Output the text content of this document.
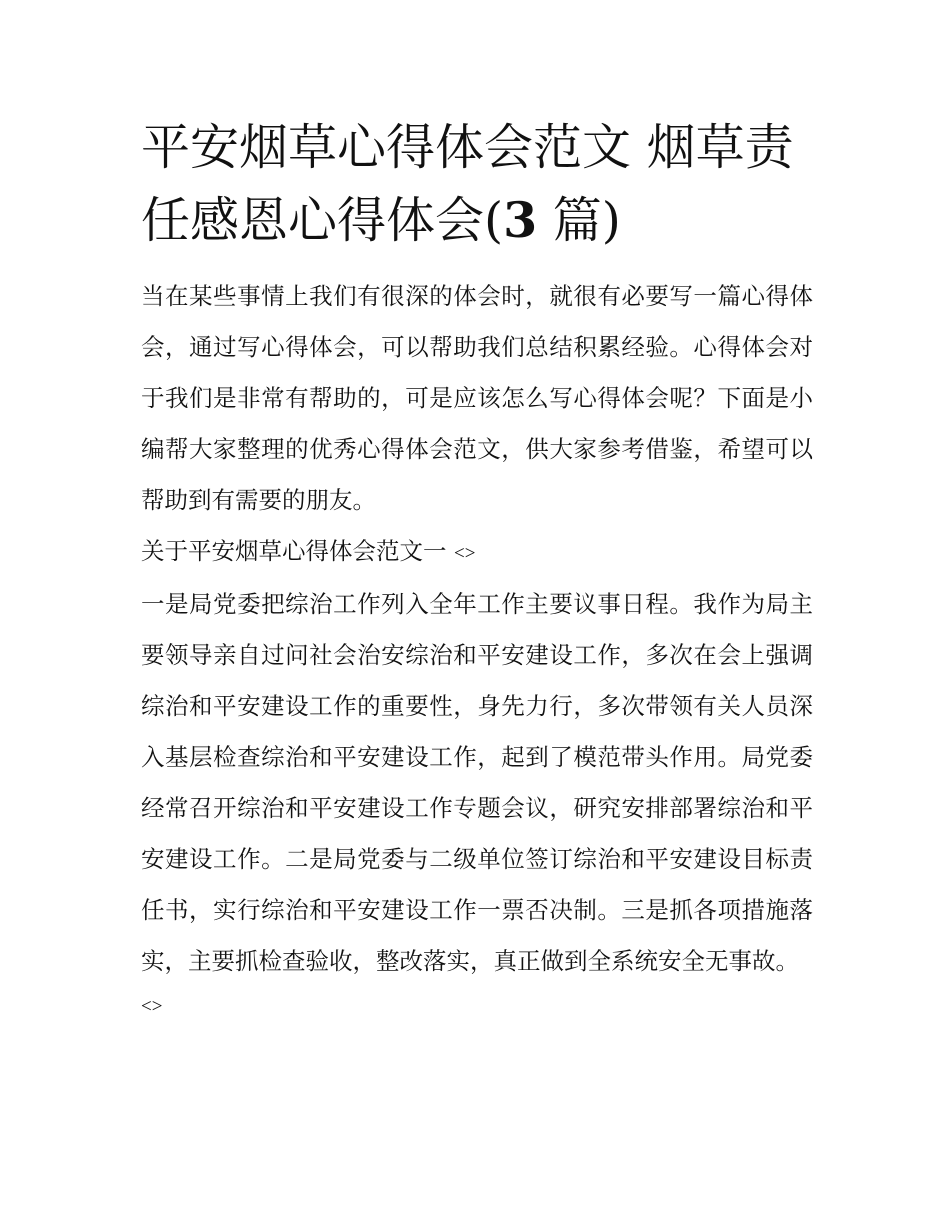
平安烟草心得体会范文 烟草责任感恩心得体会(3 篇)

当在某些事情上我们有很深的体会时，就很有必要写一篇心得体会，通过写心得体会，可以帮助我们总结积累经验。心得体会对于我们是非常有帮助的，可是应该怎么写心得体会呢？下面是小编帮大家整理的优秀心得体会范文，供大家参考借鉴，希望可以帮助到有需要的朋友。

关于平安烟草心得体会范文一 <>

一是局党委把综治工作列入全年工作主要议事日程。我作为局主要领导亲自过问社会治安综治和平安建设工作，多次在会上强调综治和平安建设工作的重要性，身先力行，多次带领有关人员深入基层检查综治和平安建设工作，起到了模范带头作用。局党委经常召开综治和平安建设工作专题会议，研究安排部署综治和平安建设工作。二是局党委与二级单位签订综治和平安建设目标责任书，实行综治和平安建设工作一票否决制。三是抓各项措施落实，主要抓检查验收，整改落实，真正做到全系统安全无事故。

<>
